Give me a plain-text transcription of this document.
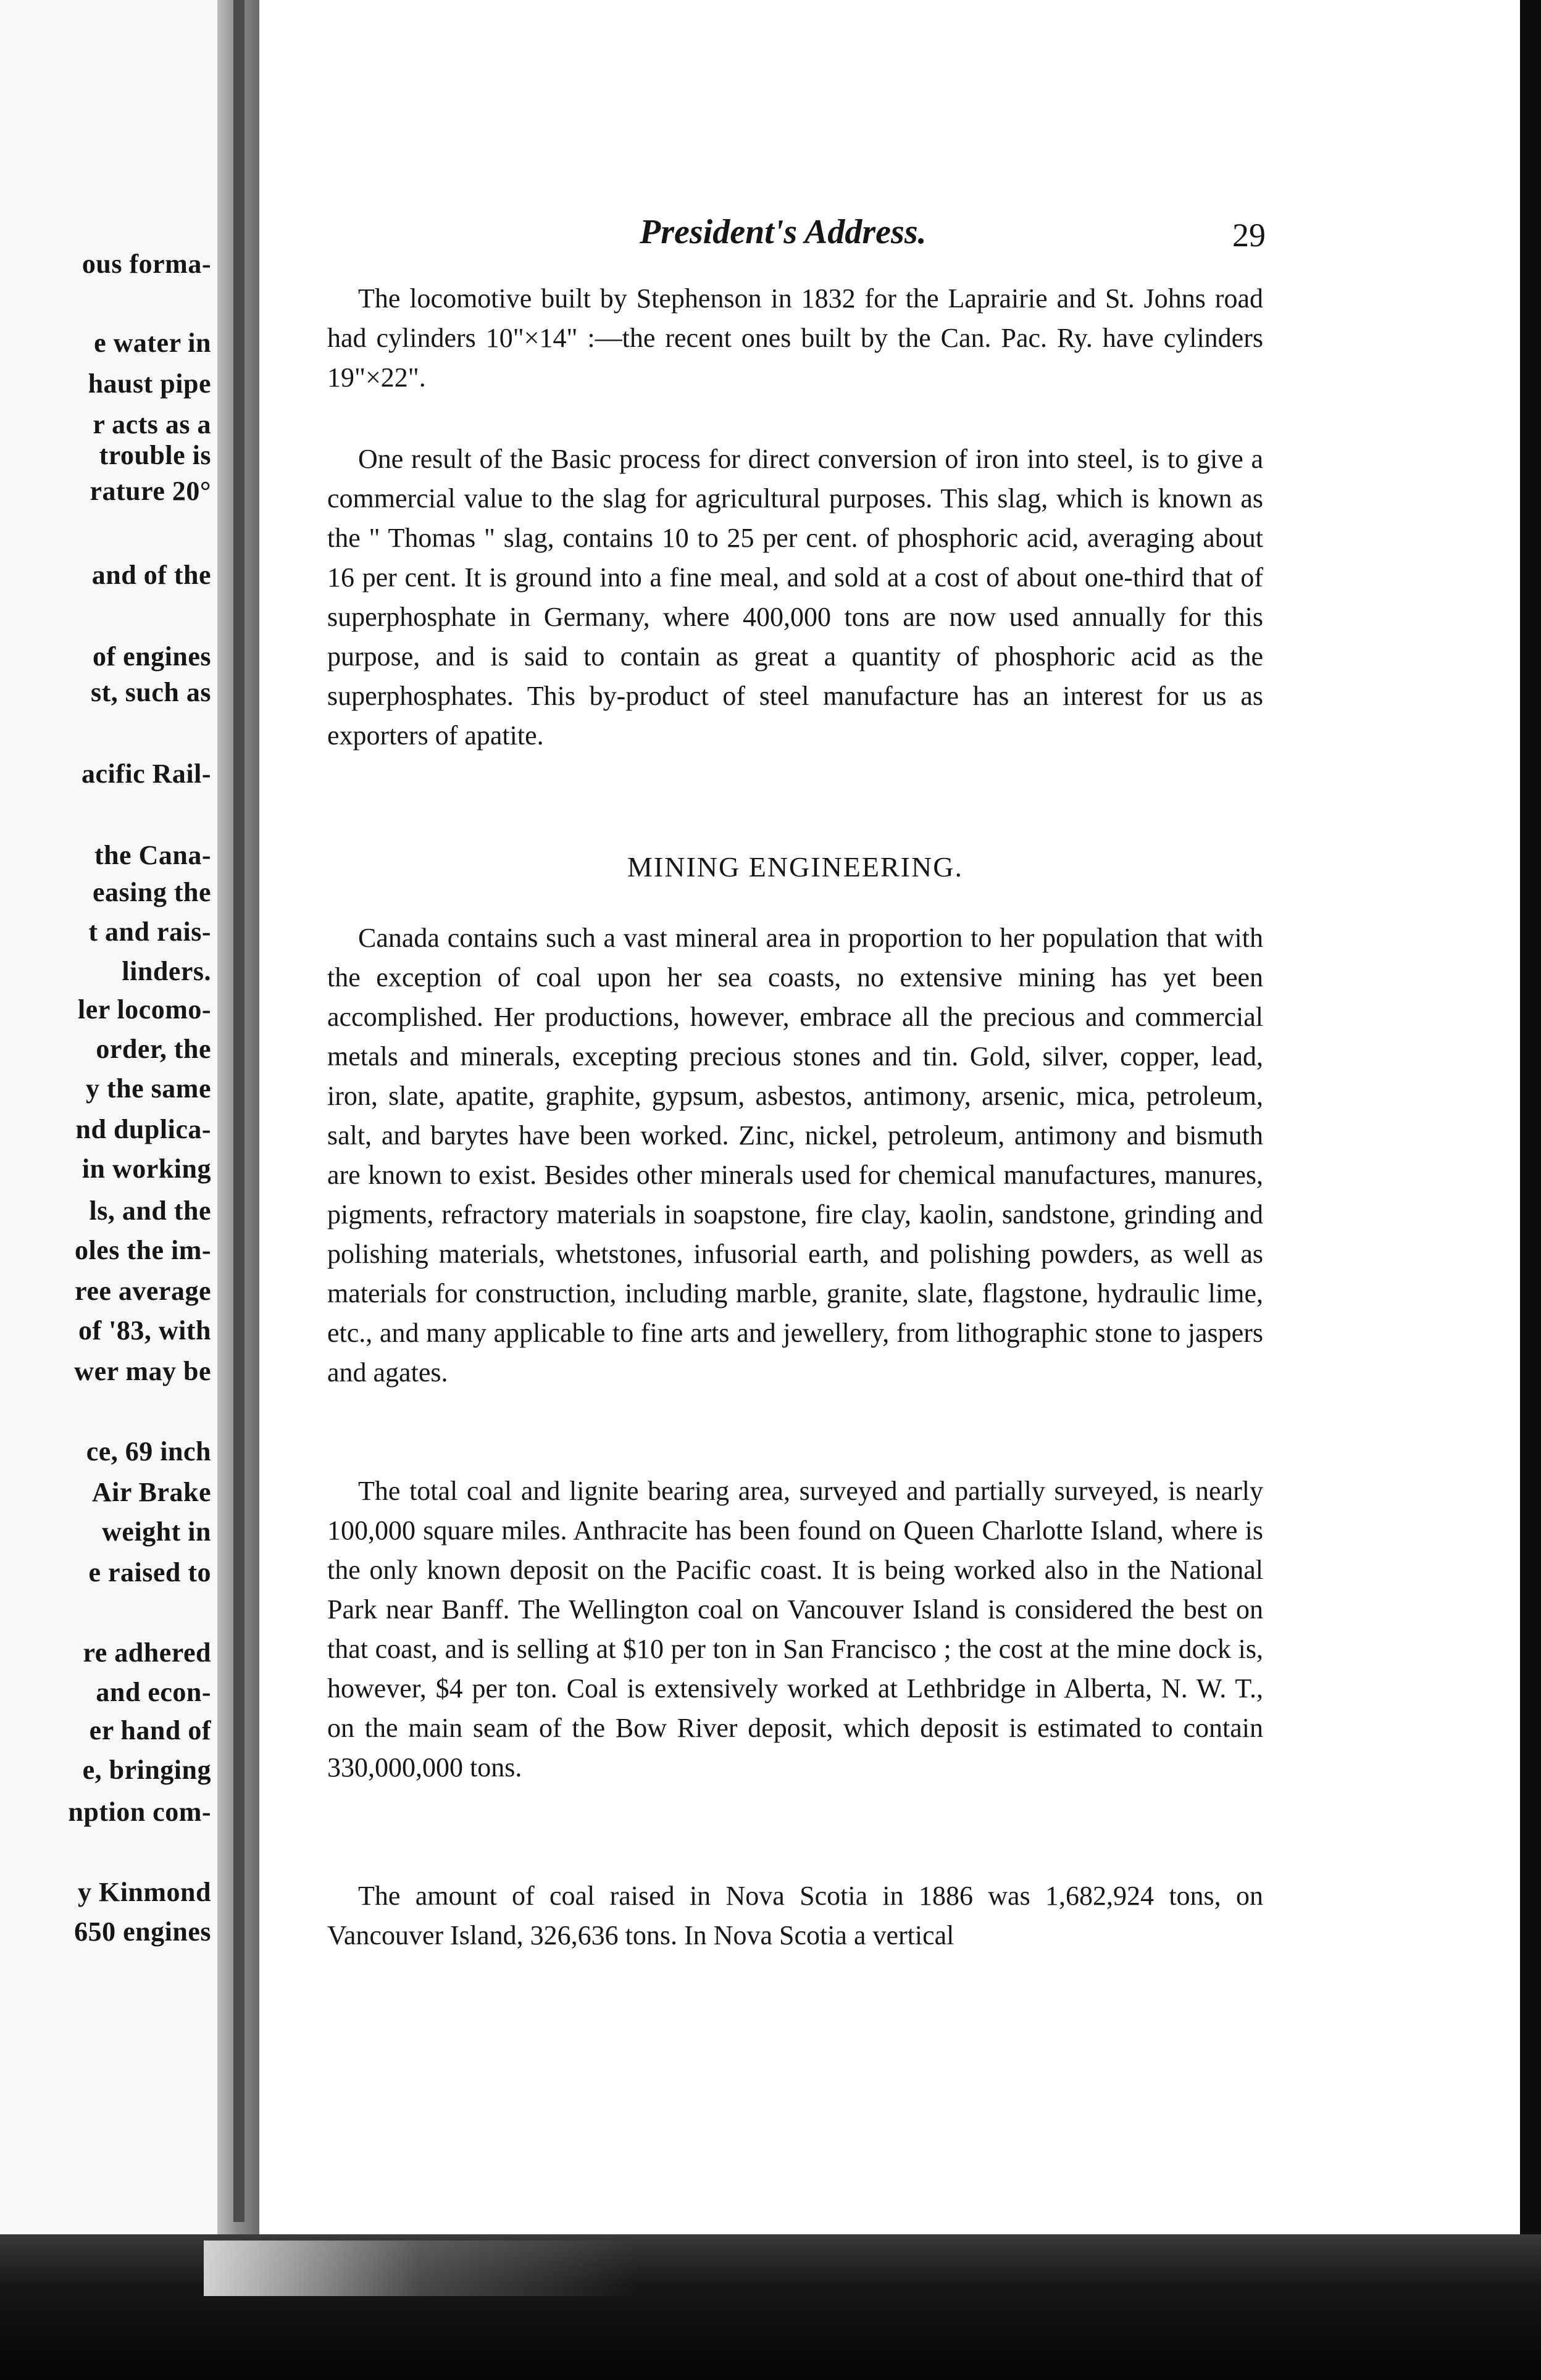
ous forma-
e water in
haust pipe
r acts as a
trouble is
rature 20°
and of the
of engines
st, such as
acific Rail-
the Cana-
easing the
t and rais-
linders.
ler locomo-
order, the
y the same
nd duplica-
in working
ls, and the
oles the im-
ree average
of '83, with
wer may be
ce, 69 inch
Air Brake
weight in
e raised to
re adhered
and econ-
er hand of
e, bringing
nption com-
y Kinmond
650 engines
President's Address.	29

The locomotive built by Stephenson in 1832 for the Laprairie and St. Johns road had cylinders 10"×14" :—the recent ones built by the Can. Pac. Ry. have cylinders 19"×22".

One result of the Basic process for direct conversion of iron into steel, is to give a commercial value to the slag for agricultural purposes. This slag, which is known as the " Thomas " slag, contains 10 to 25 per cent. of phosphoric acid, averaging about 16 per cent. It is ground into a fine meal, and sold at a cost of about one-third that of superphosphate in Germany, where 400,000 tons are now used annually for this purpose, and is said to contain as great a quantity of phosphoric acid as the superphosphates. This by-product of steel manufacture has an interest for us as exporters of apatite.

MINING ENGINEERING.

Canada contains such a vast mineral area in proportion to her population that with the exception of coal upon her sea coasts, no extensive mining has yet been accomplished. Her productions, however, embrace all the precious and commercial metals and minerals, excepting precious stones and tin. Gold, silver, copper, lead, iron, slate, apatite, graphite, gypsum, asbestos, antimony, arsenic, mica, petroleum, salt, and barytes have been worked. Zinc, nickel, petroleum, antimony and bismuth are known to exist. Besides other minerals used for chemical manufactures, manures, pigments, refractory materials in soapstone, fire clay, kaolin, sandstone, grinding and polishing materials, whetstones, infusorial earth, and polishing powders, as well as materials for construction, including marble, granite, slate, flagstone, hydraulic lime, etc., and many applicable to fine arts and jewellery, from lithographic stone to jaspers and agates.

The total coal and lignite bearing area, surveyed and partially surveyed, is nearly 100,000 square miles. Anthracite has been found on Queen Charlotte Island, where is the only known deposit on the Pacific coast. It is being worked also in the National Park near Banff. The Wellington coal on Vancouver Island is considered the best on that coast, and is selling at $10 per ton in San Francisco ; the cost at the mine dock is, however, $4 per ton. Coal is extensively worked at Lethbridge in Alberta, N. W. T., on the main seam of the Bow River deposit, which deposit is estimated to contain 330,000,000 tons.

The amount of coal raised in Nova Scotia in 1886 was 1,682,924 tons, on Vancouver Island, 326,636 tons. In Nova Scotia a vertical
